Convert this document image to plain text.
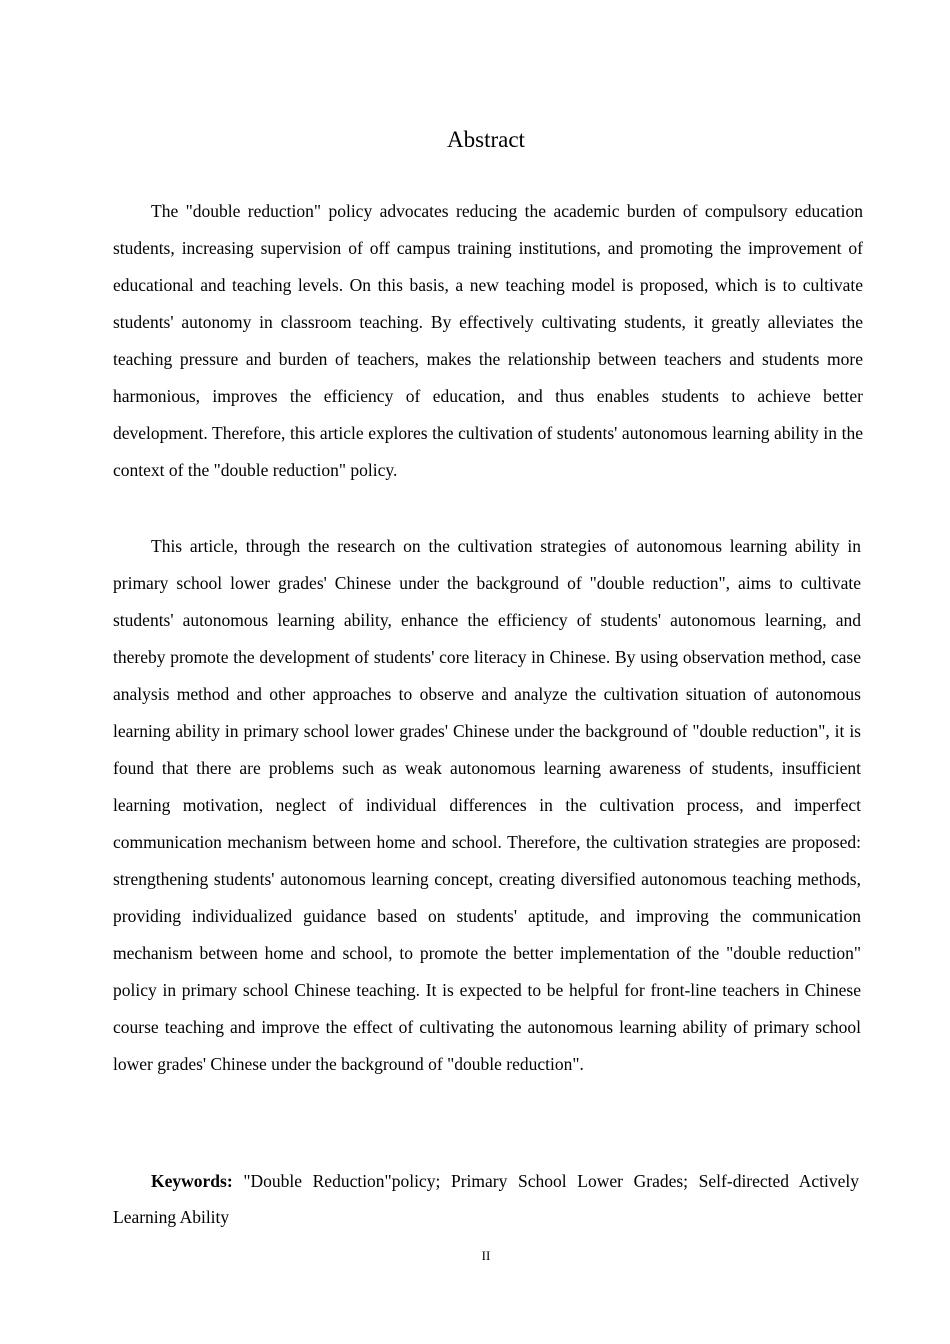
Abstract

The "double reduction" policy advocates reducing the academic burden of compulsory education students, increasing supervision of off campus training institutions, and promoting the improvement of educational and teaching levels. On this basis, a new teaching model is proposed, which is to cultivate students' autonomy in classroom teaching. By effectively cultivating students, it greatly alleviates the teaching pressure and burden of teachers, makes the relationship between teachers and students more harmonious, improves the efficiency of education, and thus enables students to achieve better development. Therefore, this article explores the cultivation of students' autonomous learning ability in the context of the "double reduction" policy.

This article, through the research on the cultivation strategies of autonomous learning ability in primary school lower grades' Chinese under the background of "double reduction", aims to cultivate students' autonomous learning ability, enhance the efficiency of students' autonomous learning, and thereby promote the development of students' core literacy in Chinese. By using observation method, case analysis method and other approaches to observe and analyze the cultivation situation of autonomous learning ability in primary school lower grades' Chinese under the background of "double reduction", it is found that there are problems such as weak autonomous learning awareness of students, insufficient learning motivation, neglect of individual differences in the cultivation process, and imperfect communication mechanism between home and school. Therefore, the cultivation strategies are proposed: strengthening students' autonomous learning concept, creating diversified autonomous teaching methods, providing individualized guidance based on students' aptitude, and improving the communication mechanism between home and school, to promote the better implementation of the "double reduction" policy in primary school Chinese teaching. It is expected to be helpful for front-line teachers in Chinese course teaching and improve the effect of cultivating the autonomous learning ability of primary school lower grades' Chinese under the background of "double reduction".

Keywords: "Double Reduction"policy; Primary School Lower Grades; Self-directed Actively Learning Ability

II
